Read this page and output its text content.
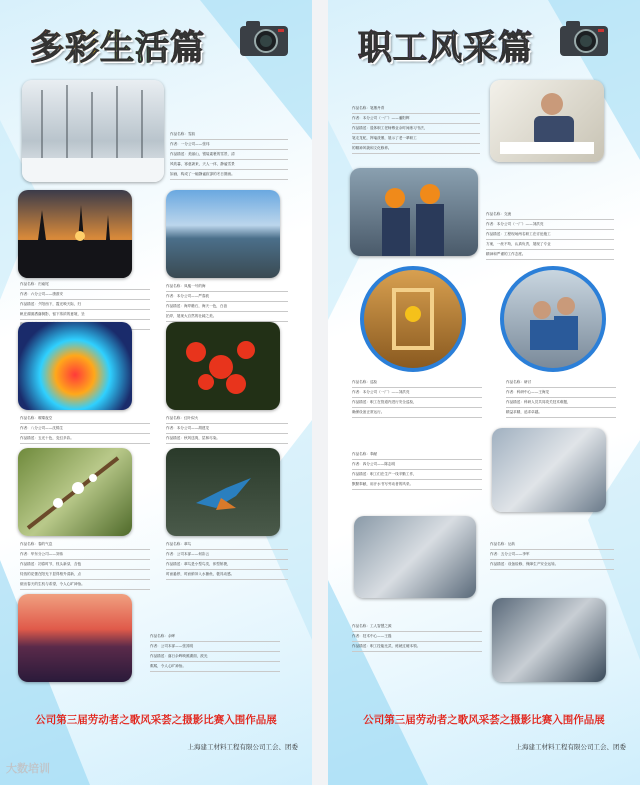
多彩生活篇
作品名称：雪韵
作者：一分公司——张玮
作品描述：美丽山，银装素裹的雪景，清
风吹暮，寒意袭来，天人一体，静谧雪景
如画，构成了一幅静谧寂寥的冬日图画。
作品名称：归南尾
作者：六分公司——康淮安
作品描述：夕阳西下，霞光映天际，归
帆在湖面洒落倒影，留下浓浓的意境，呈
作品名称：凤凰一号的海
作者：本分公司——严春波
作品描述：海岸礁石，海天一色，白浪
拍岸，展现大自然的壮阔之美。
作品名称：璀璨夜空
作者：八分公司——沈锦生
作品描述：五光十色，变幻多彩。
作品名称：红叶似火
作者：本分公司——胡建龙
作品描述：秋风送爽，层林尽染。
作品名称：春的气息
作者：华东分公司——刘伟
作品描述：初春时节，枝头新芽，含苞
待放的花蕾在阳光下显得格外清新，点
缀出春天的生机与希望，令人心旷神怡。
作品名称：翠鸟
作者：公司本部——何彩云
作品描述：翠鸟是小型鸟类，体型矫捷，
时而悬停，时而俯冲入水捕鱼，极具动感。
作品名称：余晖
作者：公司本部——张其明
作品描述：落日余晖映照湖面，波光
粼粼，令人心旷神怡。
公司第三届劳动者之歌风采荟之摄影比赛入围作品展
上海建工材料工程有限公司工会、团委
职工风采篇
作品名称：笔墨丹青
作者：本分公司（一厂）——潘阳辉
作品描述：退休职工老师傅业余时间练习书法，
笔走龙蛇，挥毫泼墨，展示了老一辈职工
的精神风貌和文化修养。
作品名称：交流
作者：本分公司（一厂）——刘洪亮
作品描述：工程现场两名职工在讨论施工
方案，一丝不苟，认真负责，展现了专业
精神和严谨的工作态度。
作品名称：巡检
作者：本分公司（一厂）——刘洪亮
作品描述：职工在管道内进行安全巡检，
确保设备正常运行。
作品名称：研讨
作者：科研中心——王海龙
作品描述：科研人员共同攻关技术难题，
精益求精，追求卓越。
作品名称：奉献
作者：四分公司——陈志明
作品描述：职工们在生产一线辛勤工作，
默默奉献，用汗水书写劳动者的风采。
作品名称：运转
作者：五分公司——李军
作品描述：设备检修，保障生产安全运转。
作品名称：工人智慧之源
作者：技术中心——王磊
作品描述：职工技能比武，练就过硬本领。
公司第三届劳动者之歌风采荟之摄影比赛入围作品展
上海建工材料工程有限公司工会、团委
大数培训
